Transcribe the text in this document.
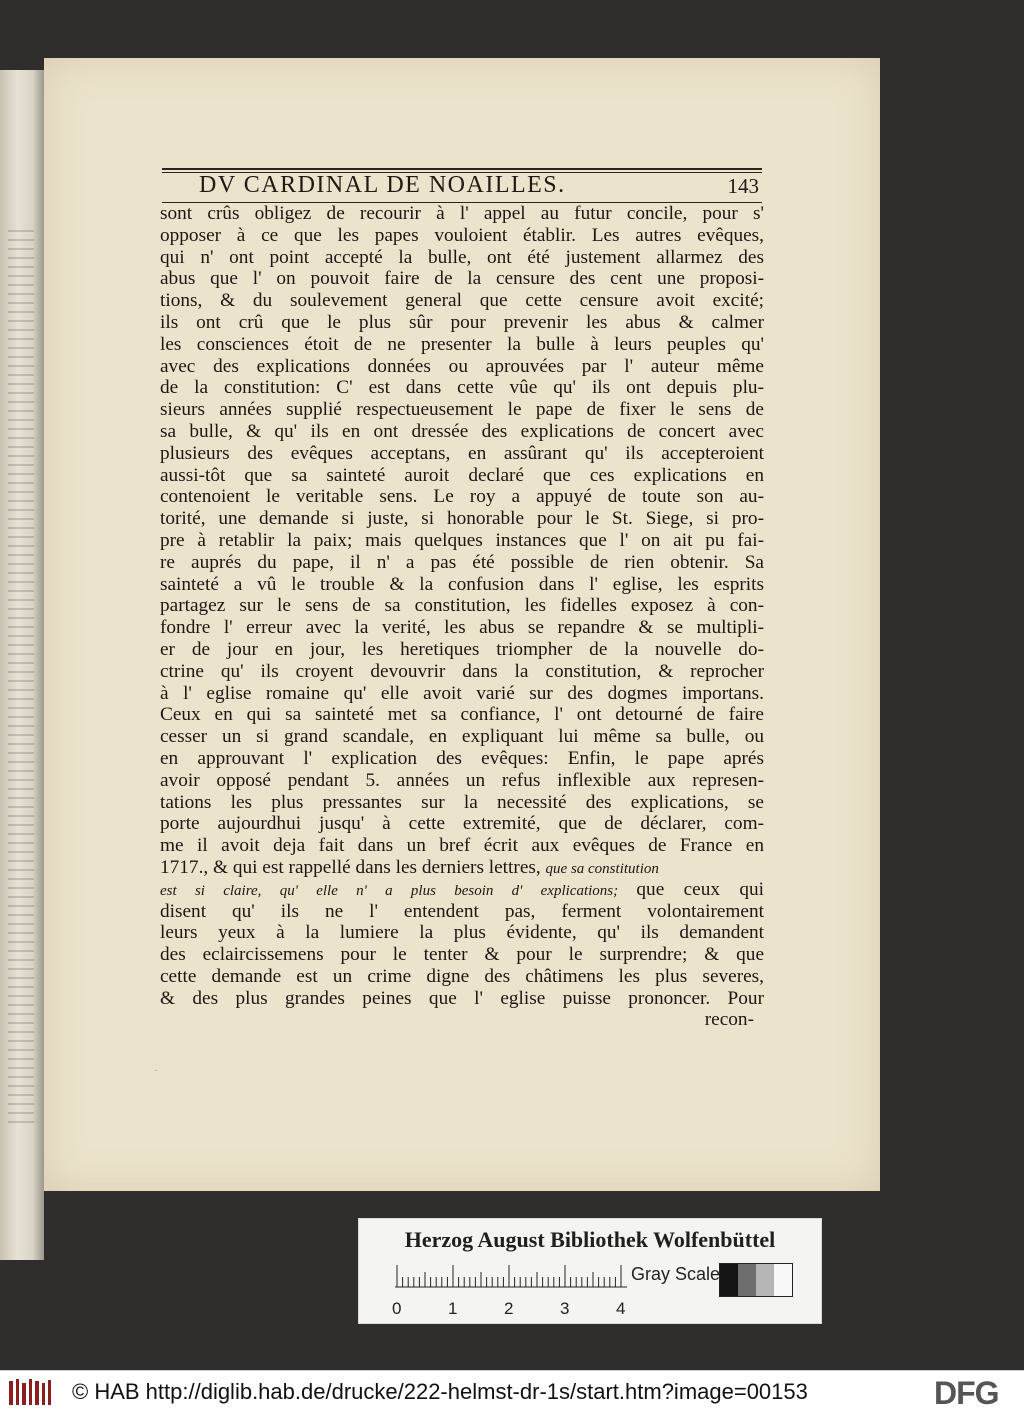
DV CARDINAL DE NOAILLES.	143
sont crûs obligez de recourir à l' appel au futur concile, pour s'
opposer à ce que les papes vouloient établir. Les autres evêques,
qui n' ont point accepté la bulle, ont été justement allarmez des
abus que l' on pouvoit faire de la censure des cent une proposi-
tions, & du soulevement general que cette censure avoit excité;
ils ont crû que le plus sûr pour prevenir les abus & calmer
les consciences étoit de ne presenter la bulle à leurs peuples qu'
avec des explications données ou aprouvées par l' auteur même
de la constitution: C' est dans cette vûe qu' ils ont depuis plu-
sieurs années supplié respectueusement le pape de fixer le sens de
sa bulle, & qu' ils en ont dressée des explications de concert avec
plusieurs des evêques acceptans, en assûrant qu' ils accepteroient
aussi-tôt que sa sainteté auroit declaré que ces explications en
contenoient le veritable sens. Le roy a appuyé de toute son au-
torité, une demande si juste, si honorable pour le St. Siege, si pro-
pre à retablir la paix; mais quelques instances que l' on ait pu fai-
re auprés du pape, il n' a pas été possible de rien obtenir. Sa
sainteté a vû le trouble & la confusion dans l' eglise, les esprits
partagez sur le sens de sa constitution, les fidelles exposez à con-
fondre l' erreur avec la verité, les abus se repandre & se multipli-
er de jour en jour, les heretiques triompher de la nouvelle do-
ctrine qu' ils croyent devouvrir dans la constitution, & reprocher
à l' eglise romaine qu' elle avoit varié sur des dogmes importans.
Ceux en qui sa sainteté met sa confiance, l' ont detourné de faire
cesser un si grand scandale, en expliquant lui même sa bulle, ou
en approuvant l' explication des evêques: Enfin, le pape aprés
avoir opposé pendant 5. années un refus inflexible aux represen-
tations les plus pressantes sur la necessité des explications, se
porte aujourdhui jusqu' à cette extremité, que de déclarer, com-
me il avoit deja fait dans un bref écrit aux evêques de France en
1717., & qui est rappellé dans les derniers lettres, que sa constitution
est si claire, qu' elle n' a plus besoin d' explications; que ceux qui
disent qu' ils ne l' entendent pas, ferment volontairement
leurs yeux à la lumiere la plus évidente, qu' ils demandent
des eclaircissemens pour le tenter & pour le surprendre; & que
cette demande est un crime digne des châtimens les plus severes,
& des plus grandes peines que l' eglise puisse prononcer. Pour
recon-
·
Herzog August Bibliothek Wolfenbüttel
0	1	2	3	4
Gray Scale
© HAB http://diglib.hab.de/drucke/222-helmst-dr-1s/start.htm?image=00153	DFG
